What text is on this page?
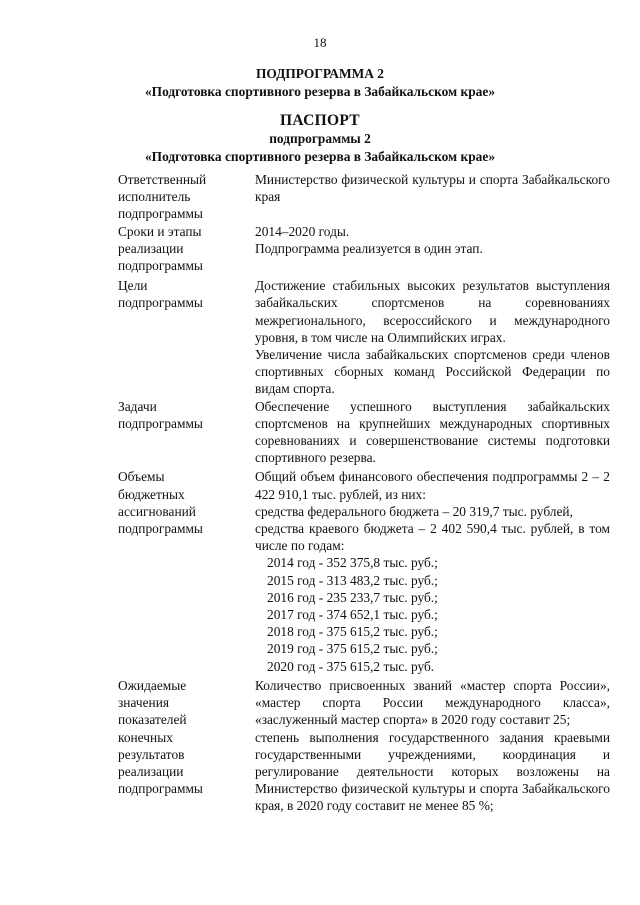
18
ПОДПРОГРАММА 2
«Подготовка спортивного резерва в Забайкальском крае»
ПАСПОРТ
подпрограммы 2
«Подготовка спортивного резерва в Забайкальском крае»
Ответственный
исполнитель
подпрограммы

Министерство физической культуры и спорта Забайкальского края

Сроки и этапы
реализации
подпрограммы

2014–2020 годы.

Подпрограмма реализуется в один этап.

Цели
подпрограммы

Достижение стабильных высоких результатов выступления забайкальских спортсменов на соревнованиях межрегионального, всероссийского и международного уровня, в том числе на Олимпийских играх.

Увеличение числа забайкальских спортсменов среди членов спортивных сборных команд Российской Федерации по видам спорта.

Задачи
подпрограммы

Обеспечение успешного выступления забайкальских спортсменов на крупнейших международных спортивных соревнованиях и совершенствование системы подготовки спортивного резерва.

Объемы
бюджетных
ассигнований
подпрограммы

Общий объем финансового обеспечения подпрограммы 2 – 2 422 910,1 тыс. рублей, из них:

средства федерального бюджета – 20 319,7 тыс. рублей,

средства краевого бюджета – 2 402 590,4 тыс. рублей, в том числе по годам:

2014 год - 352 375,8 тыс. руб.;
2015 год - 313 483,2 тыс. руб.;
2016 год - 235 233,7 тыс. руб.;
2017 год - 374 652,1 тыс. руб.;
2018 год - 375 615,2 тыс. руб.;
2019 год - 375 615,2 тыс. руб.;
2020 год - 375 615,2 тыс. руб.
Ожидаемые
значения
показателей
конечных
результатов
реализации
подпрограммы

Количество присвоенных званий «мастер спорта России», «мастер спорта России международного класса», «заслуженный мастер спорта» в 2020 году составит 25;

степень выполнения государственного задания краевыми государственными учреждениями, координация и регулирование деятельности которых возложены на Министерство физической культуры и спорта Забайкальского края, в 2020 году составит не менее 85 %;
